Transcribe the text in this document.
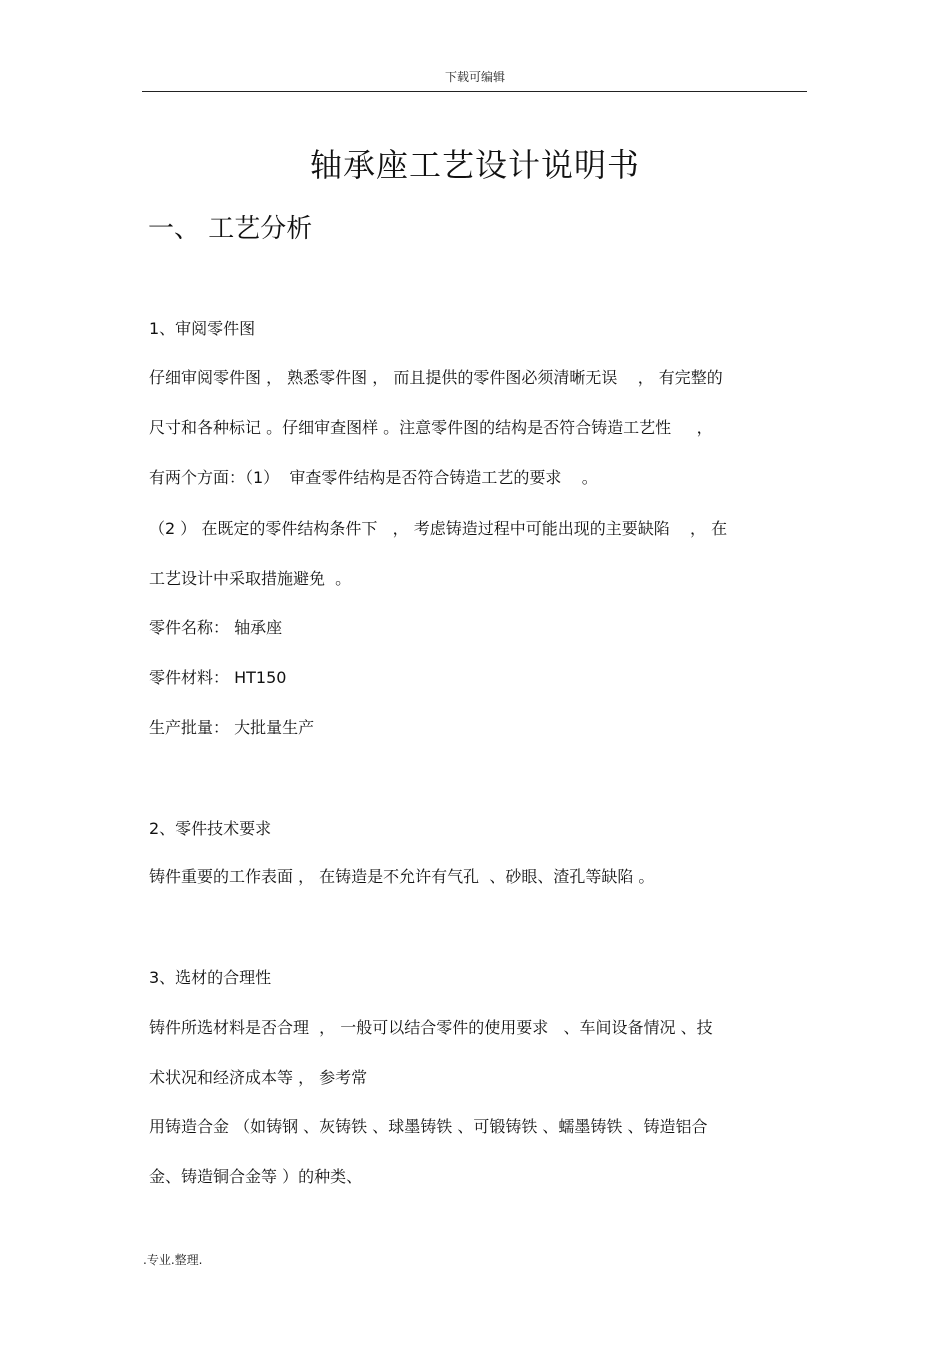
下载可编辑
轴承座工艺设计说明书
一、 工艺分析
1、审阅零件图
仔细审阅零件图 ， 熟悉零件图 ， 而且提供的零件图必须清晰无误    ， 有完整的
尺寸和各种标记 。仔细审查图样 。注意零件图的结构是否符合铸造工艺性     ，
有两个方面：（1）  审查零件结构是否符合铸造工艺的要求    。
（2 ） 在既定的零件结构条件下   ， 考虑铸造过程中可能出现的主要缺陷    ， 在
工艺设计中采取措施避免  。
零件名称： 轴承座
零件材料： HT150
生产批量： 大批量生产
2、零件技术要求
铸件重要的工作表面 ， 在铸造是不允许有气孔  、砂眼、渣孔等缺陷 。
3、选材的合理性
铸件所选材料是否合理  ， 一般可以结合零件的使用要求   、车间设备情况 、技
术状况和经济成本等 ， 参考常
用铸造合金 （如铸钢 、灰铸铁 、球墨铸铁 、可锻铸铁 、蠕墨铸铁 、铸造铝合
金、铸造铜合金等 ）的种类、
.专业.整理.
